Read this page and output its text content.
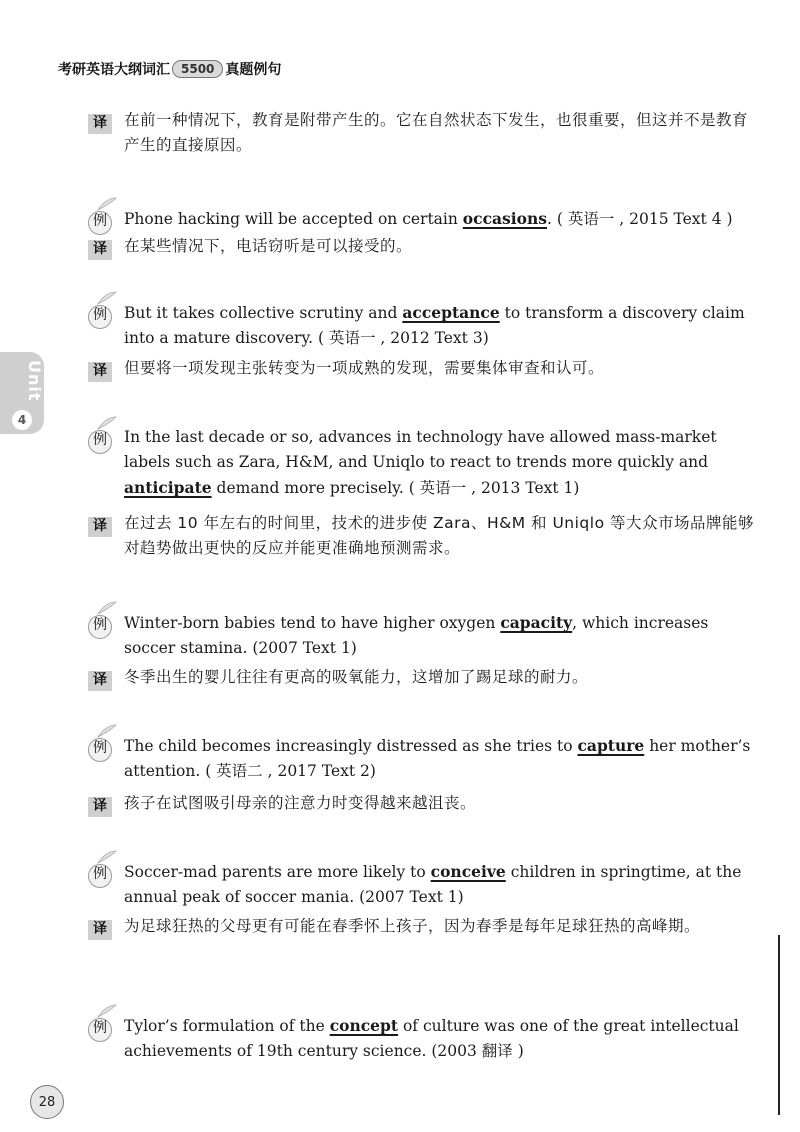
考研英语大纲词汇 5500 真题例句
Unit
4
译	在前一种情况下，教育是附带产生的。它在自然状态下发生，也很重要，但这并不是教育产生的直接原因。
例 Phone hacking will be accepted on certain occasions. ( 英语一 , 2015 Text 4 )
译	在某些情况下，电话窃听是可以接受的。
例 But it takes collective scrutiny and acceptance to transform a discovery claim into a mature discovery. ( 英语一 , 2012 Text 3)
译	但要将一项发现主张转变为一项成熟的发现，需要集体审查和认可。
例 In the last decade or so, advances in technology have allowed mass-market labels such as Zara, H&M, and Uniqlo to react to trends more quickly and anticipate demand more precisely. ( 英语一 , 2013 Text 1)
译	在过去 10 年左右的时间里，技术的进步使 Zara、H&M 和 Uniqlo 等大众市场品牌能够对趋势做出更快的反应并能更准确地预测需求。
例 Winter-born babies tend to have higher oxygen capacity, which increases soccer stamina. (2007 Text 1)
译	冬季出生的婴儿往往有更高的吸氧能力，这增加了踢足球的耐力。
例 The child becomes increasingly distressed as she tries to capture her mother’s attention. ( 英语二 , 2017 Text 2)
译	孩子在试图吸引母亲的注意力时变得越来越沮丧。
例 Soccer-mad parents are more likely to conceive children in springtime, at the annual peak of soccer mania. (2007 Text 1)
译	为足球狂热的父母更有可能在春季怀上孩子，因为春季是每年足球狂热的高峰期。
例 Tylor’s formulation of the concept of culture was one of the great intellectual achievements of 19th century science. (2003 翻译 )
28
